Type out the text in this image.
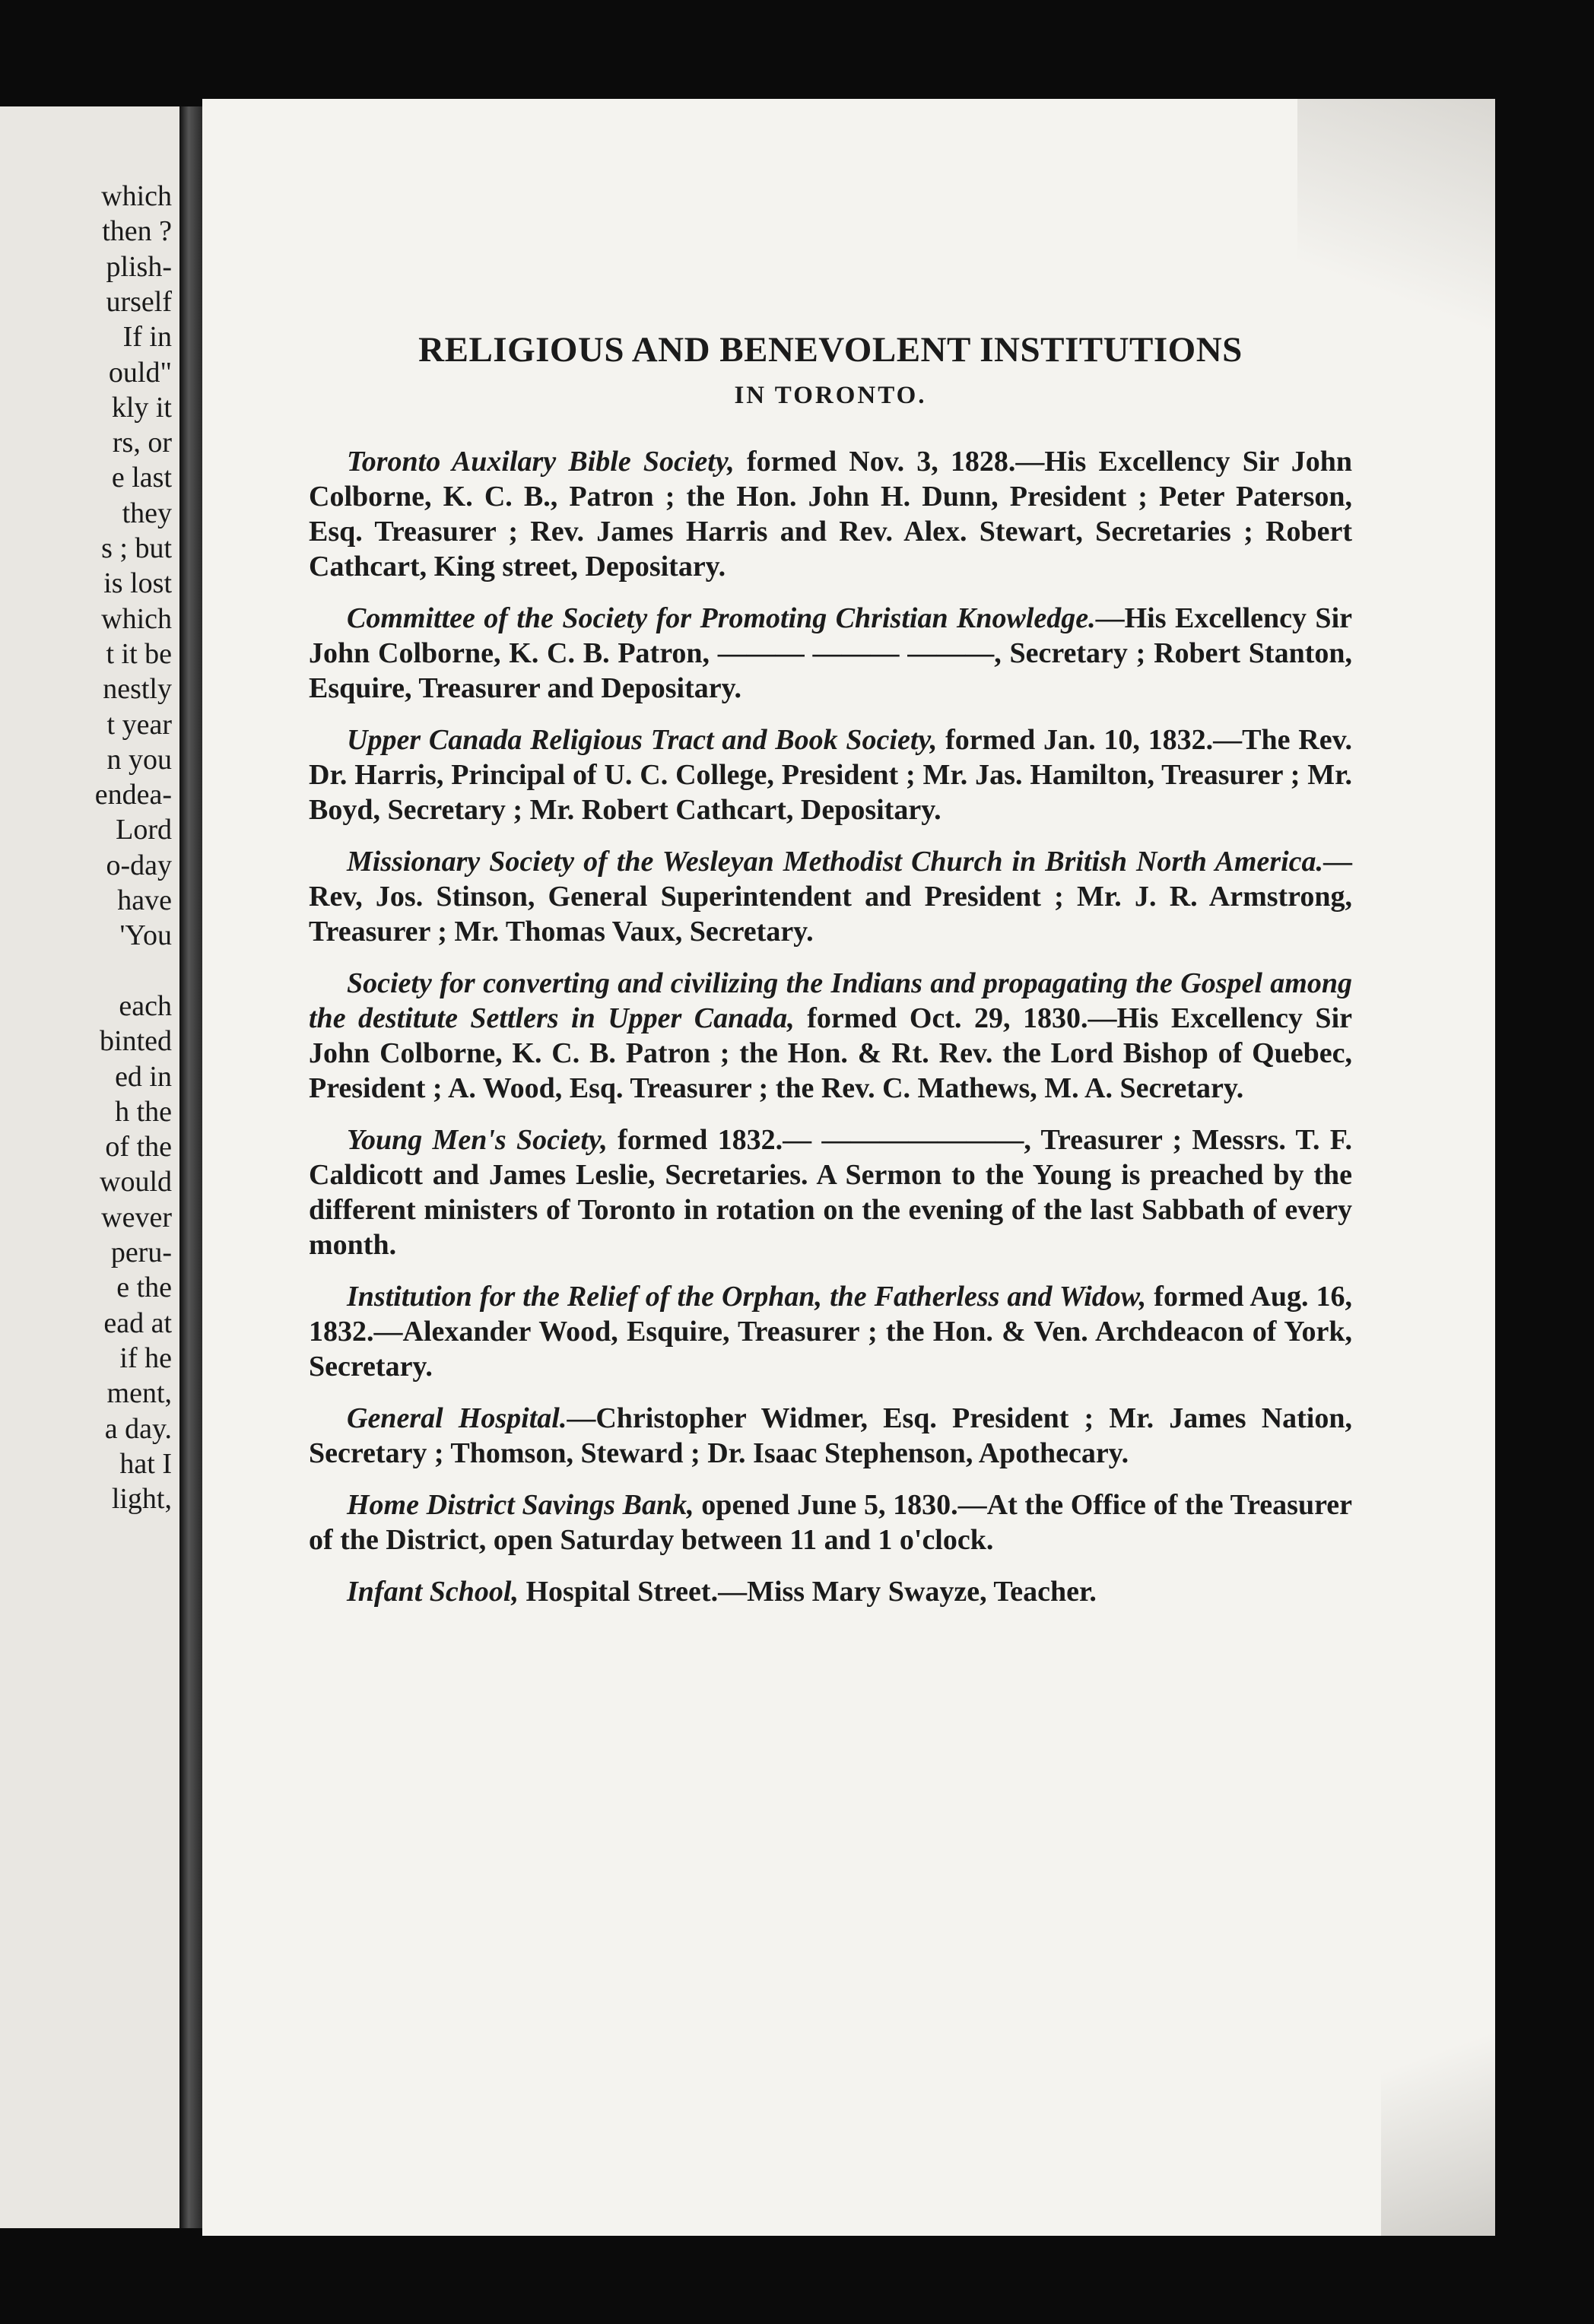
which

then ?

plish-

urself

If in

ould"

kly it

rs, or

e last

they

s ; but

is lost

which

t it be

nestly

t year

n you

endea-

Lord

o-day

have

'You

each

binted

ed in

h the

of the

would

wever

peru-

e the

ead at

if he

ment,

a day.

hat I

light,

RELIGIOUS AND BENEVOLENT INSTITUTIONS
IN TORONTO.

Toronto Auxilary Bible Society, formed Nov. 3, 1828.—His Excellency Sir John Colborne, K. C. B., Patron ; the Hon. John H. Dunn, President ; Peter Paterson, Esq. Treasurer ; Rev. James Harris and Rev. Alex. Stewart, Secretaries ; Robert Cathcart, King street, Depositary.

Committee of the Society for Promoting Christian Knowledge.—His Excellency Sir John Colborne, K. C. B. Patron, ——— ——— ———, Secretary ; Robert Stanton, Esquire, Treasurer and Depositary.

Upper Canada Religious Tract and Book Society, formed Jan. 10, 1832.—The Rev. Dr. Harris, Principal of U. C. College, President ; Mr. Jas. Hamilton, Treasurer ; Mr. Boyd, Secretary ; Mr. Robert Cathcart, Depositary.

Missionary Society of the Wesleyan Methodist Church in British North America.—Rev, Jos. Stinson, General Superintendent and President ; Mr. J. R. Armstrong, Treasurer ; Mr. Thomas Vaux, Secretary.

Society for converting and civilizing the Indians and propagating the Gospel among the destitute Settlers in Upper Canada, formed Oct. 29, 1830.—His Excellency Sir John Colborne, K. C. B. Patron ; the Hon. & Rt. Rev. the Lord Bishop of Quebec, President ; A. Wood, Esq. Treasurer ; the Rev. C. Mathews, M. A. Secretary.

Young Men's Society, formed 1832.— ———————, Treasurer ; Messrs. T. F. Caldicott and James Leslie, Secretaries. A Sermon to the Young is preached by the different ministers of Toronto in rotation on the evening of the last Sabbath of every month.

Institution for the Relief of the Orphan, the Fatherless and Widow, formed Aug. 16, 1832.—Alexander Wood, Esquire, Treasurer ; the Hon. & Ven. Archdeacon of York, Secretary.

General Hospital.—Christopher Widmer, Esq. President ; Mr. James Nation, Secretary ; Thomson, Steward ; Dr. Isaac Stephenson, Apothecary.

Home District Savings Bank, opened June 5, 1830.—At the Office of the Treasurer of the District, open Saturday between 11 and 1 o'clock.

Infant School, Hospital Street.—Miss Mary Swayze, Teacher.
